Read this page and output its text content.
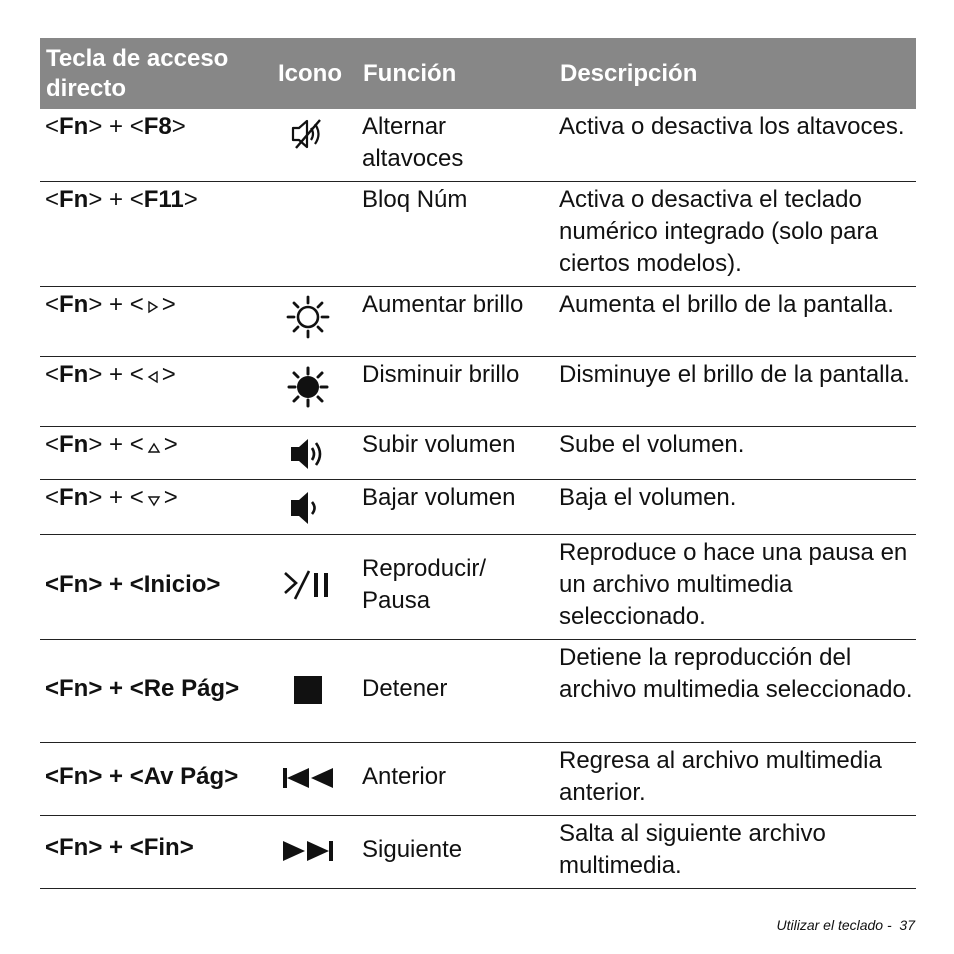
Tecla de acceso directo	Icono	Función	Descripción
<Fn> + <F8>		Alternar altavoces	Activa o desactiva los altavoces.
<Fn> + <F11>		Bloq Núm	Activa o desactiva el teclado numérico integrado (solo para ciertos modelos).
<Fn> + < >		Aumentar brillo	Aumenta el brillo de la pantalla.
<Fn> + < >		Disminuir brillo	Disminuye el brillo de la pantalla.
<Fn> + < >		Subir volumen	Sube el volumen.
<Fn> + < >		Bajar volumen	Baja el volumen.
<Fn> + <Inicio>		Reproducir/ Pausa	Reproduce o hace una pausa en un archivo multimedia seleccionado.
<Fn> + <Re Pág>		Detener	Detiene la reproducción del archivo multimedia seleccionado.
<Fn> + <Av Pág>		Anterior	Regresa al archivo multimedia anterior.
<Fn> + <Fin>		Siguiente	Salta al siguiente archivo multimedia.
Utilizar el teclado - 37
